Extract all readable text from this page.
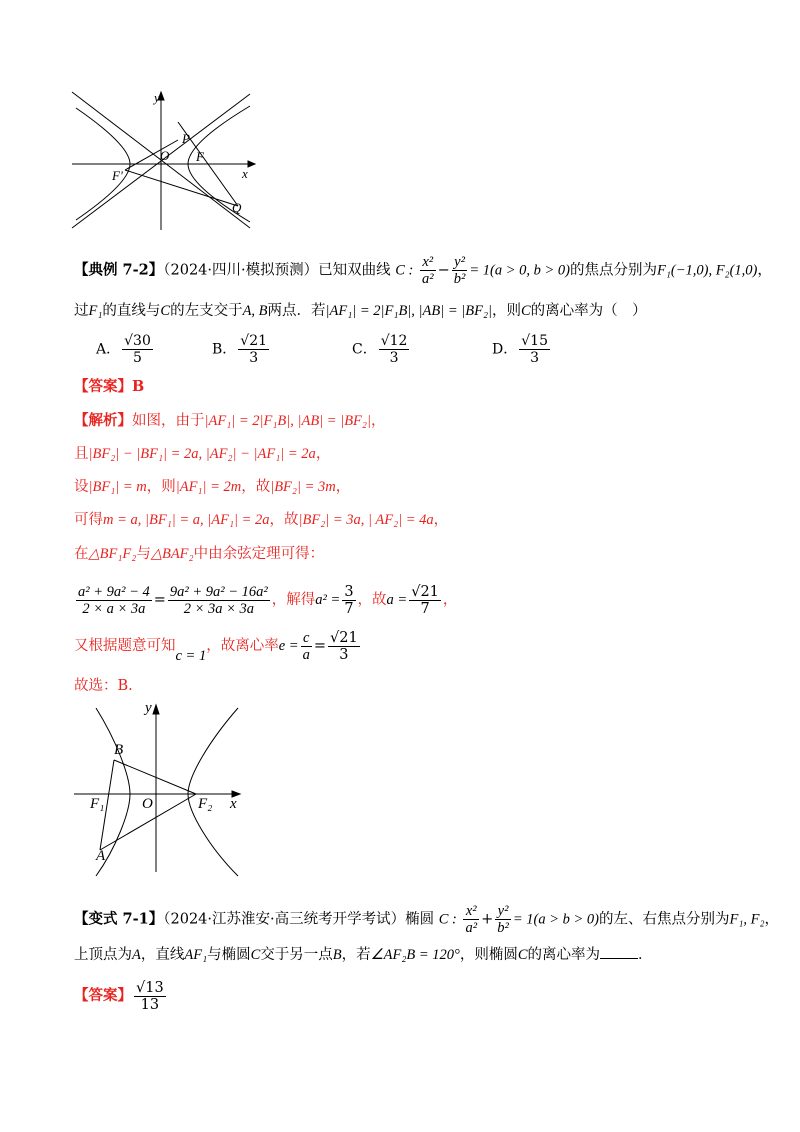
y
P
O F
F'	x
Q
【典例 7-2】（2024·四川·模拟预测）已知双曲线 C : $\frac{\text{x²}}{\text{a²}} - \frac{\text{y²}}{\text{b²}} = 1(a > 0$, b > 0)的焦点分别为F₁(−1,0), F₂(1,0)，
过F₁的直线与C的左支交于A, B两点．若|AF₁| = 2|F₁B|, |AB| = |BF₂|，则C的离心率为（　）
A． $\frac{√30}{5}$	B． $\frac{√21}{3}$	C． $\frac{√12}{3}$	D． $\frac{√15}{3}$
【答案】B
【解析】如图，由于|AF₁| = 2|F₁B|, |AB| = |BF₂|，
且|BF₂| − |BF₁| = 2a, |AF₂| − |AF₁| = 2a，
设|BF₁| = m，则|AF₁| = 2m，故|BF₂| = 3m，
可得m = a, |BF₁| = a, |AF₁| = 2a，故|BF₂| = 3a, | AF₂| = 4a，
在△BF₁F₂与△BAF₂中由余弦定理可得：
$\frac{\text{a² + 9a² − 4}}{2 \times a \times 3a} = \frac{\text{9a² + 9a² − 16a²}}{2 \times 3a \times 3a}$ ，解得$a^2 = \frac{3}{7}$ ，故$a = \frac{√21}{7}$ ，
又根据题意可知c = 1，故离心率$e = \frac{c}{a} = \frac{√21}{3}$
故选：B.
y
B
F₁	O	F₂ x
A
【变式 7-1】（2024·江苏淮安·高三统考开学考试）椭圆 C : $\frac{\text{x²}}{\text{a²}} + \frac{\text{y²}}{\text{b²}} = 1(a > b > 0)$的左、右焦点分别为F₁, F₂，
上顶点为A，直线AF₁与椭圆C交于另一点B，若∠AF₂B = 120°，则椭圆C的离心率为	．
【答案】 $\frac{√13}{13}$
